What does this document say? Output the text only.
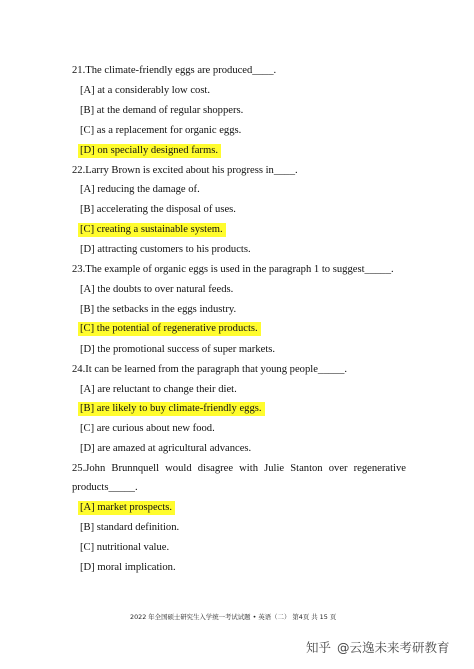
21.The climate-friendly eggs are produced____.
[A] at a considerably low cost.
[B] at the demand of regular shoppers.
[C] as a replacement for organic eggs.
[D] on specially designed farms.
22.Larry Brown is excited about his progress in____.
[A] reducing the damage of.
[B] accelerating the disposal of uses.
[C] creating a sustainable system.
[D] attracting customers to his products.
23.The example of organic eggs is used in the paragraph 1 to suggest_____.
[A] the doubts to over natural feeds.
[B] the setbacks in the eggs industry.
[C] the potential of regenerative products.
[D] the promotional success of super markets.
24.It can be learned from the paragraph that young people_____.
[A] are reluctant to change their diet.
[B] are likely to buy climate-friendly eggs.
[C] are curious about new food.
[D] are amazed at agricultural advances.
25.John Brunnquell would disagree with Julie Stanton over regenerative
products_____.
[A] market prospects.
[B] standard definition.
[C] nutritional value.
[D] moral implication.
2022 年全国硕士研究生入学统一考试试题 • 英语（二） 第4页 共 15 页
知乎 @云逸未来考研教育
